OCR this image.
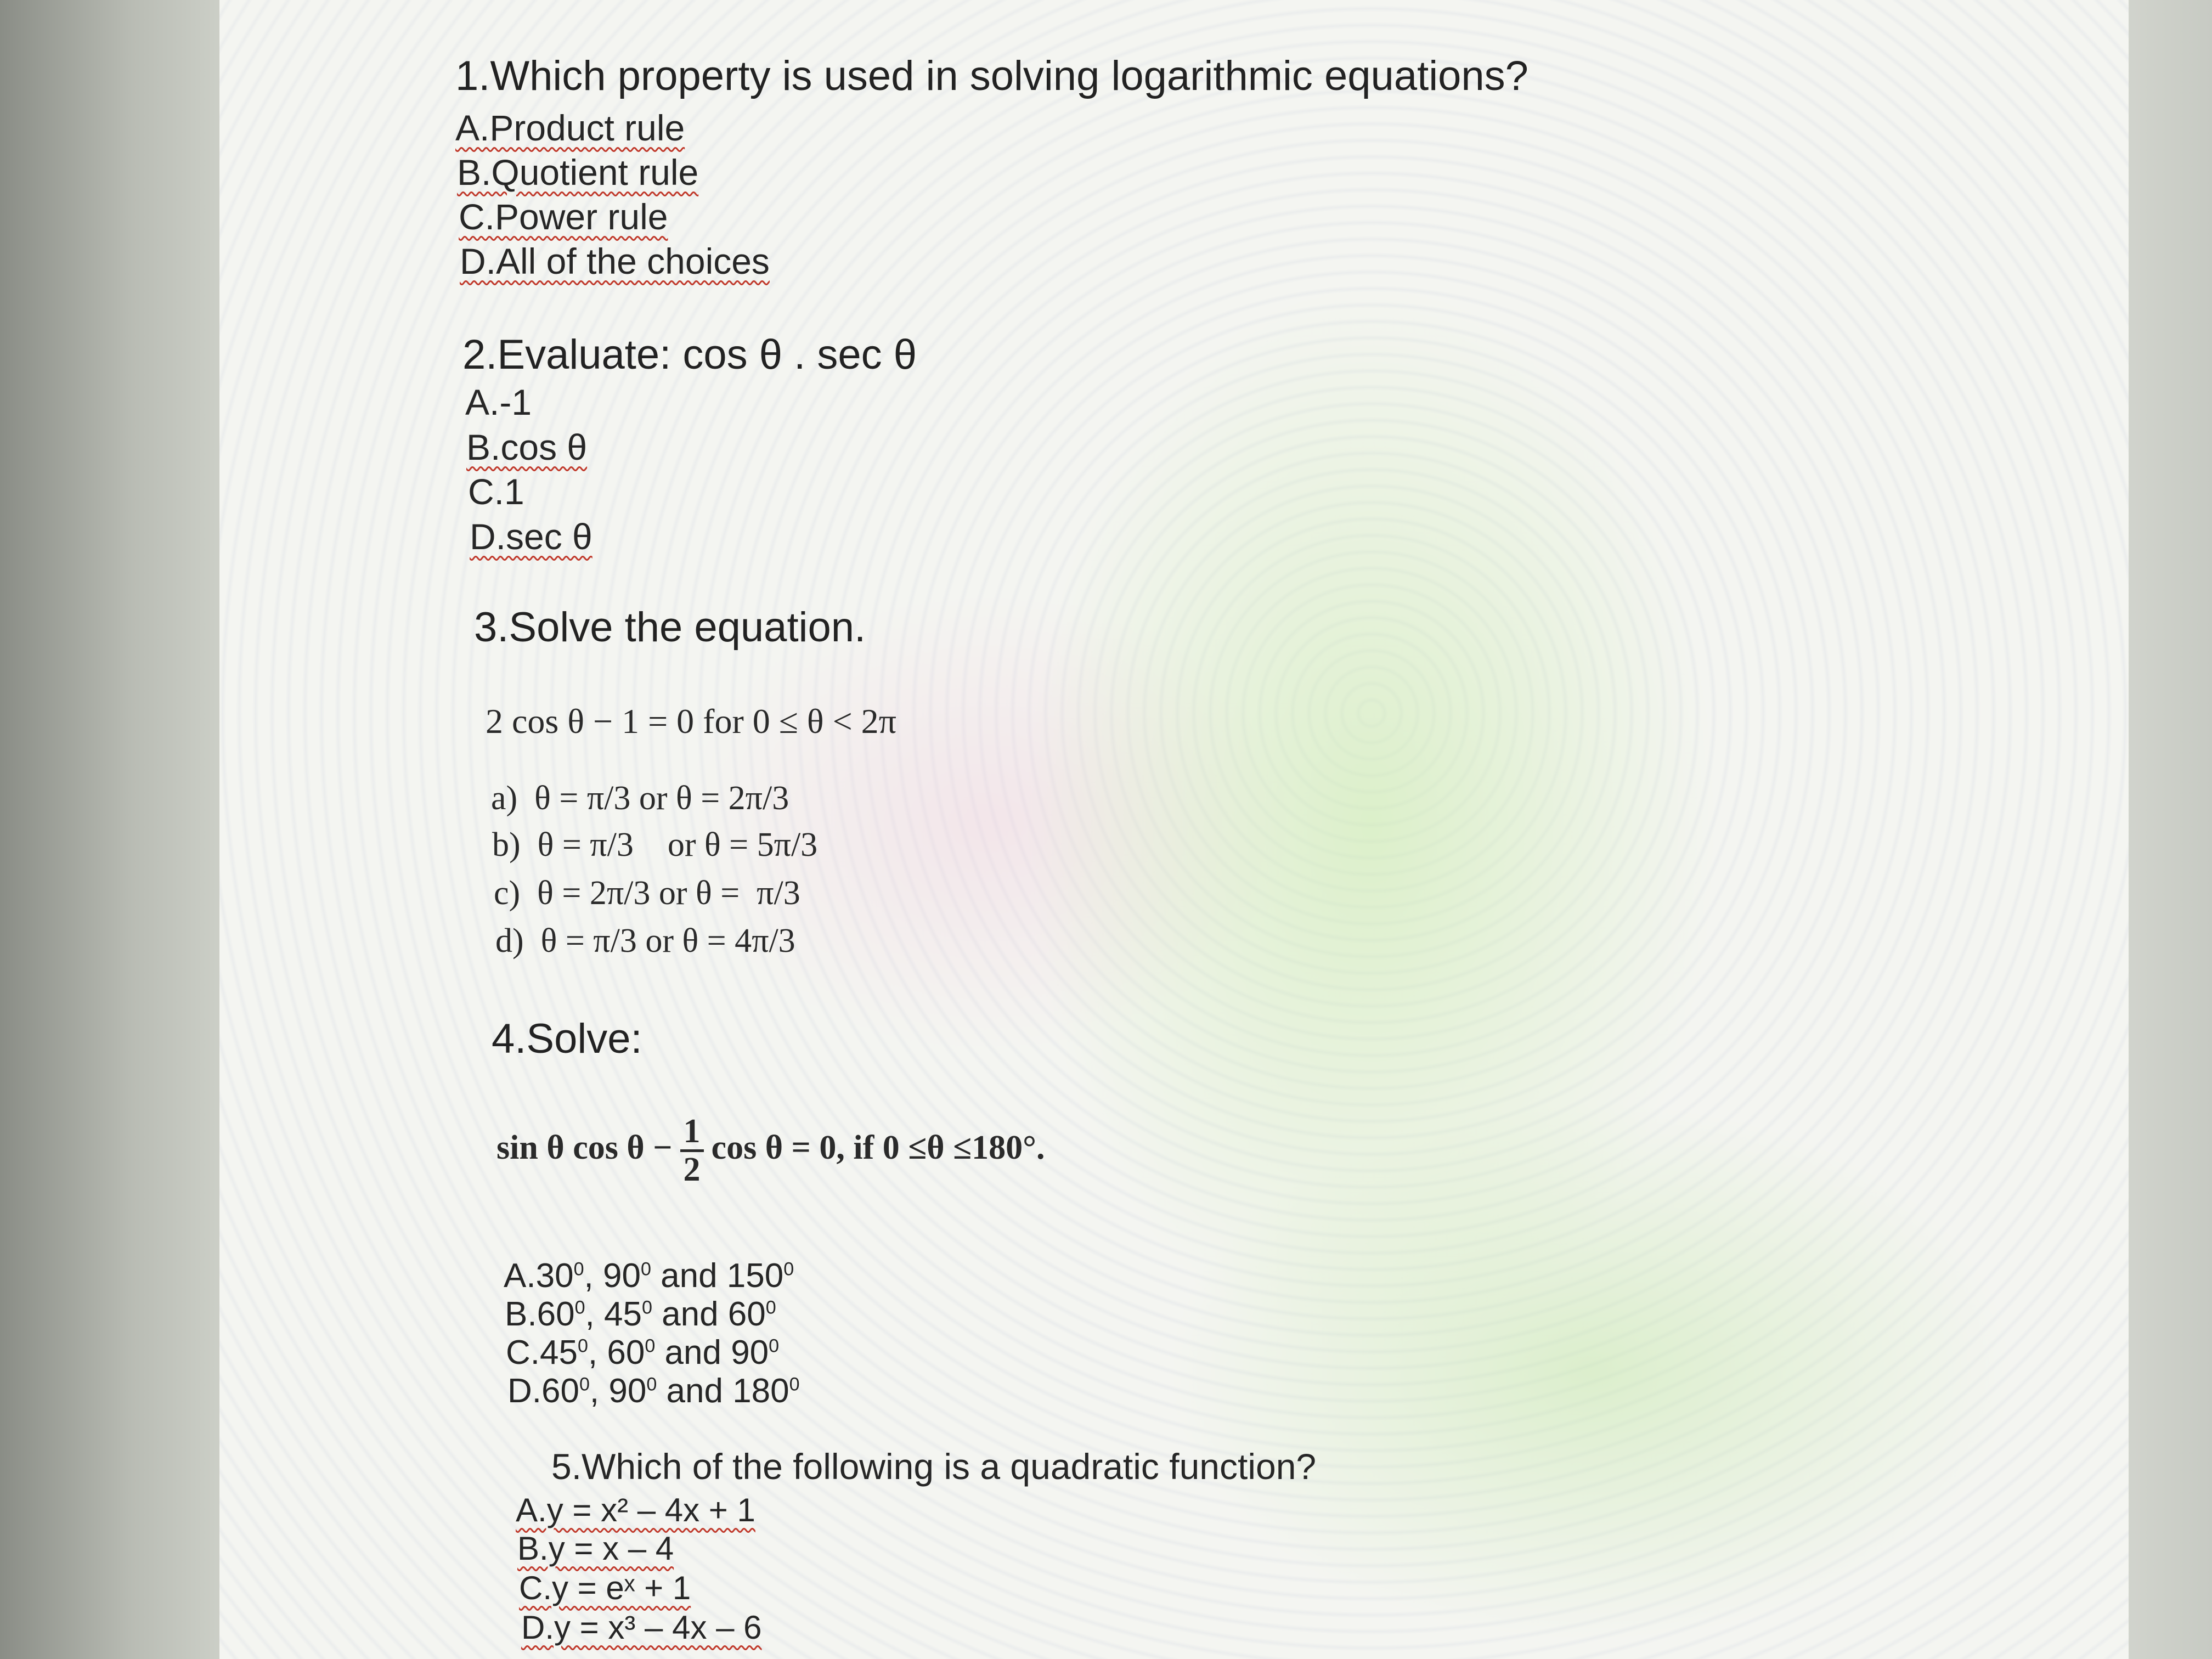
1.Which property is used in solving logarithmic equations?
A.Product rule
B.Quotient rule
C.Power rule
D.All of the choices
2.Evaluate: cos θ . sec θ
A.-1
B.cos θ
C.1
D.sec θ
3.Solve the equation.
2 cos θ − 1 = 0 for 0 ≤ θ < 2π
a)  θ = π/3 or θ = 2π/3
b)  θ = π/3    or θ = 5π/3
c)  θ = 2π/3 or θ =  π/3
d)  θ = π/3 or θ = 4π/3
4.Solve:
sin θ $\cos \theta - \frac{1}{2}$ cos θ = 0, if 0 ≤θ ≤180°.
$A.30^0$, $90^0$ and $150^0$
$B.60^0$, $45^0$ and $60^0$
$C.45^0$, $60^0$ and $90^0$
$D.60^0$, $90^0$ and $180^0$
5.Which of the following is a quadratic function?
A.y = x² – 4x + 1
B.y = x – 4
C.y = eˣ + 1
D.y = x³ – 4x – 6
